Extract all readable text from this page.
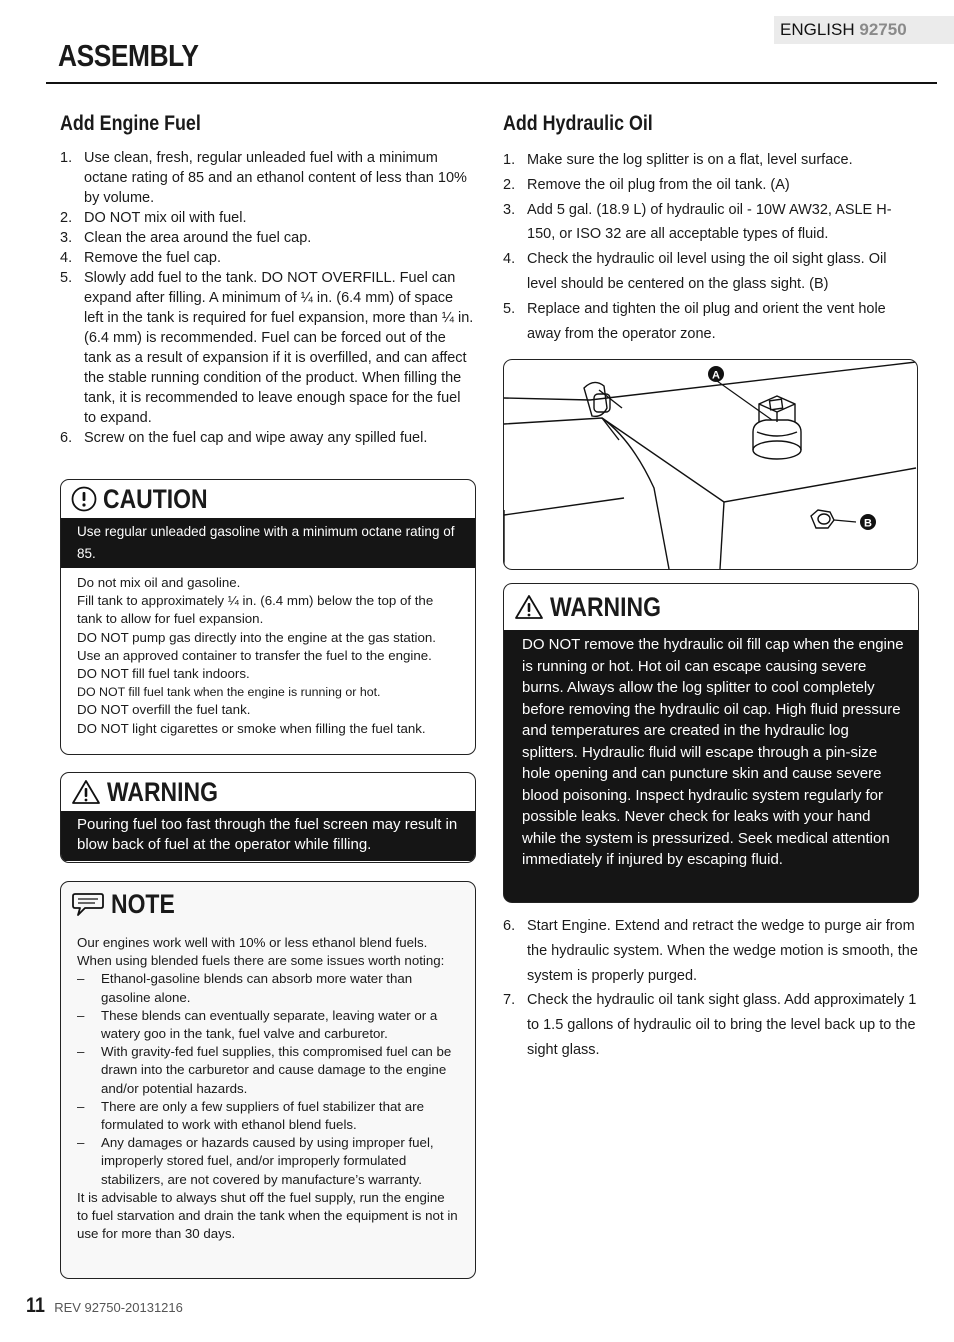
ENGLISH 92750
ASSEMBLY
Add Engine Fuel
1. Use clean, fresh, regular unleaded fuel with a minimum octane rating of 85 and an ethanol content of less than 10% by volume.
2. DO NOT mix oil with fuel.
3. Clean the area around the fuel cap.
4. Remove the fuel cap.
5. Slowly add fuel to the tank. DO NOT OVERFILL. Fuel can expand after filling. A minimum of ¼ in. (6.4 mm) of space left in the tank is required for fuel expansion, more than ¼ in. (6.4 mm) is recommended. Fuel can be forced out of the tank as a result of expansion if it is overfilled, and can affect the stable running condition of the product. When filling the tank, it is recommended to leave enough space for the fuel to expand.
6. Screw on the fuel cap and wipe away any spilled fuel.
CAUTION
Use regular unleaded gasoline with a minimum octane rating of 85.

Do not mix oil and gasoline.

Fill tank to approximately ¼ in. (6.4 mm) below the top of the tank to allow for fuel expansion.

DO NOT pump gas directly into the engine at the gas station. Use an approved container to transfer the fuel to the engine.

DO NOT fill fuel tank indoors.

DO NOT fill fuel tank when the engine is running or hot.

DO NOT overfill the fuel tank.

DO NOT light cigarettes or smoke when filling the fuel tank.

WARNING
Pouring fuel too fast through the fuel screen may result in blow back of fuel at the operator while filling.
NOTE

Our engines work well with 10% or less ethanol blend fuels. When using blended fuels there are some issues worth noting:

– Ethanol-gasoline blends can absorb more water than gasoline alone.

– These blends can eventually separate, leaving water or a watery goo in the tank, fuel valve and carburetor.

– With gravity-fed fuel supplies, this compromised fuel can be drawn into the carburetor and cause damage to the engine and/or potential hazards.

– There are only a few suppliers of fuel stabilizer that are formulated to work with ethanol blend fuels.

– Any damages or hazards caused by using improper fuel, improperly stored fuel, and/or improperly formulated stabilizers, are not covered by manufacture’s warranty.

It is advisable to always shut off the fuel supply, run the engine to fuel starvation and drain the tank when the equipment is not in use for more than 30 days.

Add Hydraulic Oil
1. Make sure the log splitter is on a flat, level surface.
2. Remove the oil plug from the oil tank. (A)
3. Add 5 gal. (18.9 L) of hydraulic oil - 10W AW32, ASLE H-150, or ISO 32 are all acceptable types of fluid.
4. Check the hydraulic oil level using the oil sight glass. Oil level should be centered on the glass sight. (B)
5. Replace and tighten the oil plug and orient the vent hole away from the operator zone.
A
B
WARNING
DO NOT remove the hydraulic oil fill cap when the engine is running or hot. Hot oil can escape causing severe burns. Always allow the log splitter to cool completely before removing the hydraulic oil cap. High fluid pressure and temperatures are created in the hydraulic log splitters. Hydraulic fluid will escape through a pin-size hole opening and can puncture skin and cause severe blood poisoning. Inspect hydraulic system regularly for possible leaks. Never check for leaks with your hand while the system is pressurized. Seek medical attention immediately if injured by escaping fluid.
6. Start Engine. Extend and retract the wedge to purge air from the hydraulic system. When the wedge motion is smooth, the system is properly purged.
7. Check the hydraulic oil tank sight glass. Add approximately 1 to 1.5 gallons of hydraulic oil to bring the level back up to the sight glass.
11 REV 92750-20131216
